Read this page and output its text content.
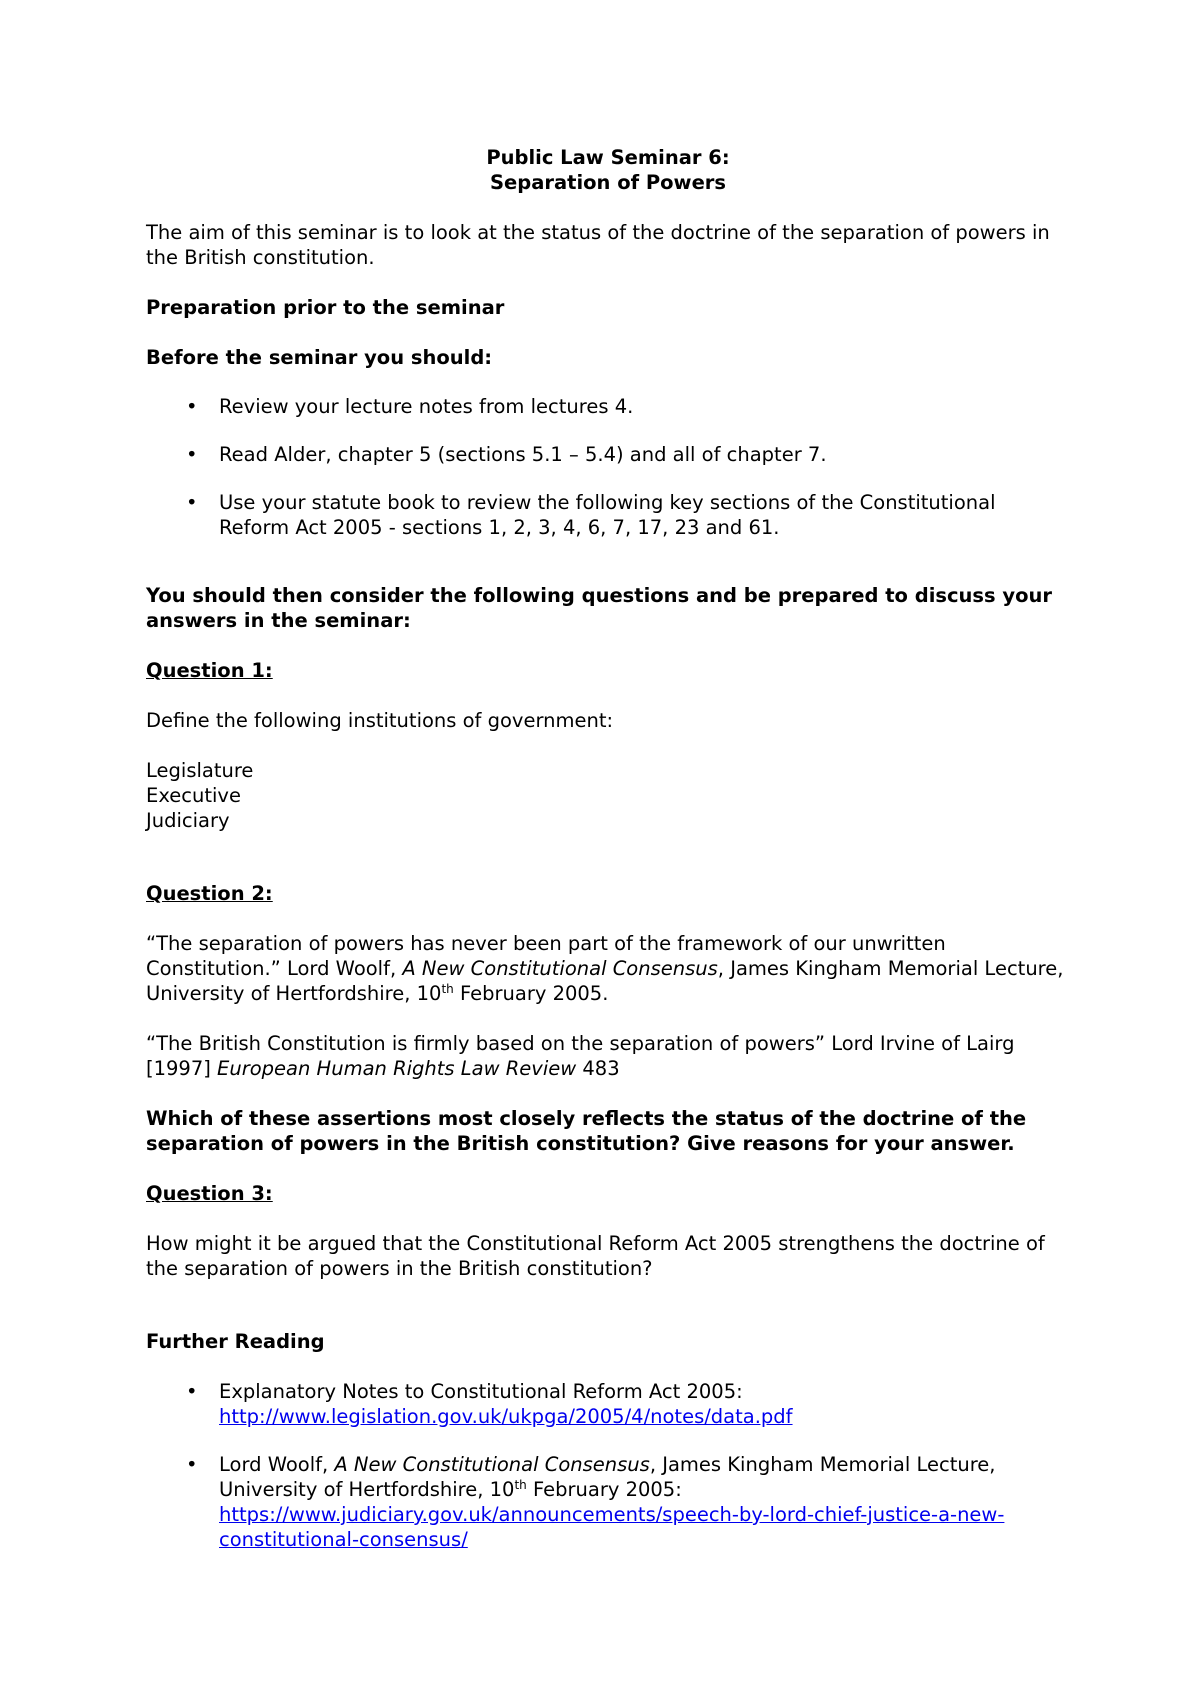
Public Law Seminar 6:

Separation of Powers

The aim of this seminar is to look at the status of the doctrine of the separation of powers in the British constitution.

Preparation prior to the seminar

Before the seminar you should:

• Review your lecture notes from lectures 4.
• Read Alder, chapter 5 (sections 5.1 – 5.4) and all of chapter 7.
• Use your statute book to review the following key sections of the Constitutional Reform Act 2005 - sections 1, 2, 3, 4, 6, 7, 17, 23 and 61.

You should then consider the following questions and be prepared to discuss your answers in the seminar:

Question 1:

Define the following institutions of government:

Legislature

Executive

Judiciary

Question 2:

“The separation of powers has never been part of the framework of our unwritten Constitution.” Lord Woolf, A New Constitutional Consensus, James Kingham Memorial Lecture, University of Hertfordshire, 10th February 2005.

“The British Constitution is firmly based on the separation of powers” Lord Irvine of Lairg [1997] European Human Rights Law Review 483

Which of these assertions most closely reflects the status of the doctrine of the separation of powers in the British constitution? Give reasons for your answer.

Question 3:

How might it be argued that the Constitutional Reform Act 2005 strengthens the doctrine of the separation of powers in the British constitution?

Further Reading

• Explanatory Notes to Constitutional Reform Act 2005:
http://www.legislation.gov.uk/ukpga/2005/4/notes/data.pdf
• Lord Woolf, A New Constitutional Consensus, James Kingham Memorial Lecture, University of Hertfordshire, 10th February 2005:
https://www.judiciary.gov.uk/announcements/speech-by-lord-chief-justice-a-new-constitutional-consensus/
